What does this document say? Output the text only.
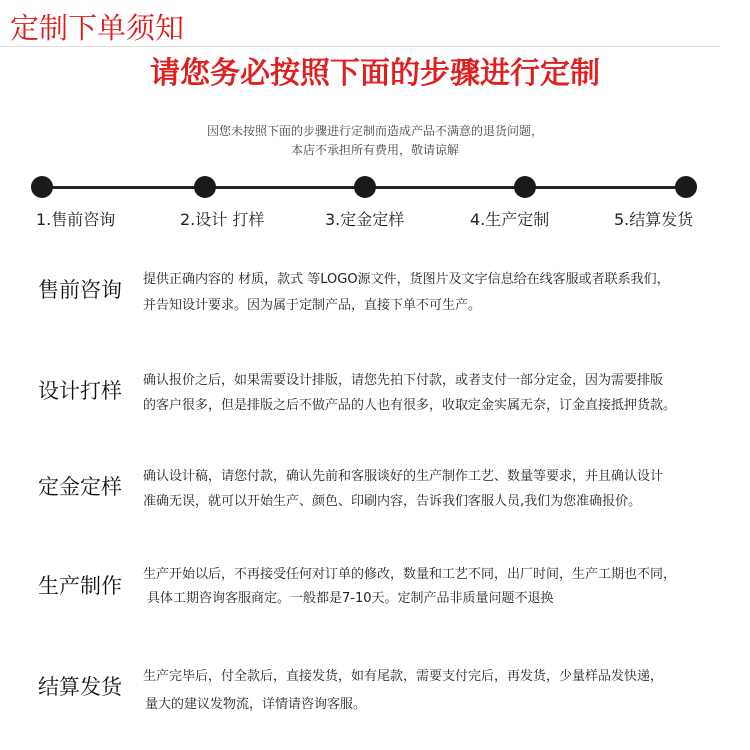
定制下单须知
请您务必按照下面的步骤进行定制
因您未按照下面的步骤进行定制而造成产品不满意的退货问题，
本店不承担所有费用，敬请谅解
1.售前咨询	2.设计 打样	3.定金定样	4.生产定制	5.结算发货
售前咨询 提供正确内容的 材质，款式 等LOGO源文件，货图片及文字信息给在线客服或者联系我们，
并告知设计要求。因为属于定制产品，直接下单不可生产。
设计打样 确认报价之后，如果需要设计排版，请您先拍下付款，或者支付一部分定金，因为需要排版
的客户很多，但是排版之后不做产品的人也有很多，收取定金实属无奈，订金直接抵押货款。
定金定样 确认设计稿，请您付款，确认先前和客服谈好的生产制作工艺、数量等要求，并且确认设计
准确无误，就可以开始生产、颜色、印刷内容，告诉我们客服人员,我们为您准确报价。
生产制作 生产开始以后，不再接受任何对订单的修改，数量和工艺不同，出厂时间，生产工期也不同，
具体工期咨询客服商定。一般都是7-10天。定制产品非质量问题不退换
结算发货 生产完毕后，付全款后，直接发货，如有尾款，需要支付完后，再发货，少量样品发快递，
量大的建议发物流，详情请咨询客服。
